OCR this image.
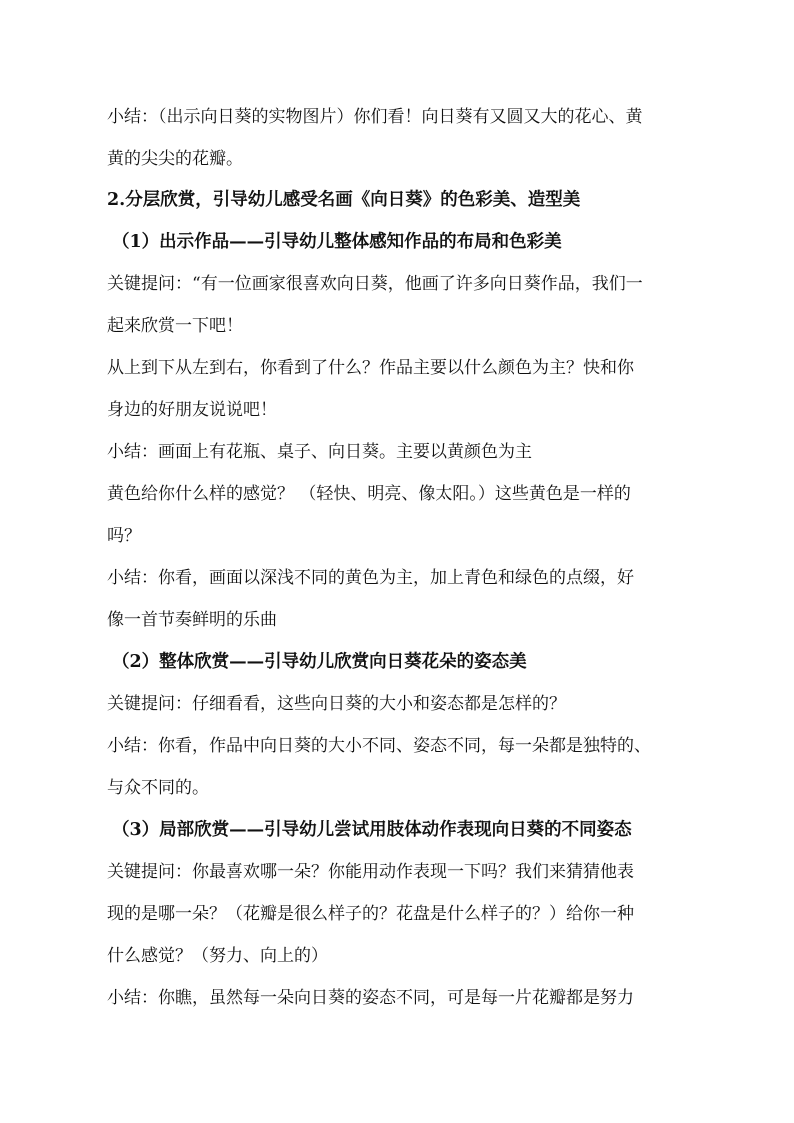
小结：（出示向日葵的实物图片）你们看！向日葵有又圆又大的花心、黄
黄的尖尖的花瓣。
2.分层欣赏，引导幼儿感受名画《向日葵》的色彩美、造型美
（1）出示作品——引导幼儿整体感知作品的布局和色彩美
关键提问：“有一位画家很喜欢向日葵，他画了许多向日葵作品，我们一
起来欣赏一下吧！
从上到下从左到右，你看到了什么？作品主要以什么颜色为主？快和你
身边的好朋友说说吧！
小结：画面上有花瓶、桌子、向日葵。主要以黄颜色为主
黄色给你什么样的感觉？ （轻快、明亮、像太阳。）这些黄色是一样的
吗？
小结：你看，画面以深浅不同的黄色为主，加上青色和绿色的点缀，好
像一首节奏鲜明的乐曲
（2）整体欣赏——引导幼儿欣赏向日葵花朵的姿态美
关键提问：仔细看看，这些向日葵的大小和姿态都是怎样的？
小结：你看，作品中向日葵的大小不同、姿态不同，每一朵都是独特的、
与众不同的。
（3）局部欣赏——引导幼儿尝试用肢体动作表现向日葵的不同姿态
关键提问：你最喜欢哪一朵？你能用动作表现一下吗？我们来猜猜他表
现的是哪一朵？（花瓣是很么样子的？花盘是什么样子的？）给你一种
什么感觉？（努力、向上的）
小结：你瞧，虽然每一朵向日葵的姿态不同，可是每一片花瓣都是努力
